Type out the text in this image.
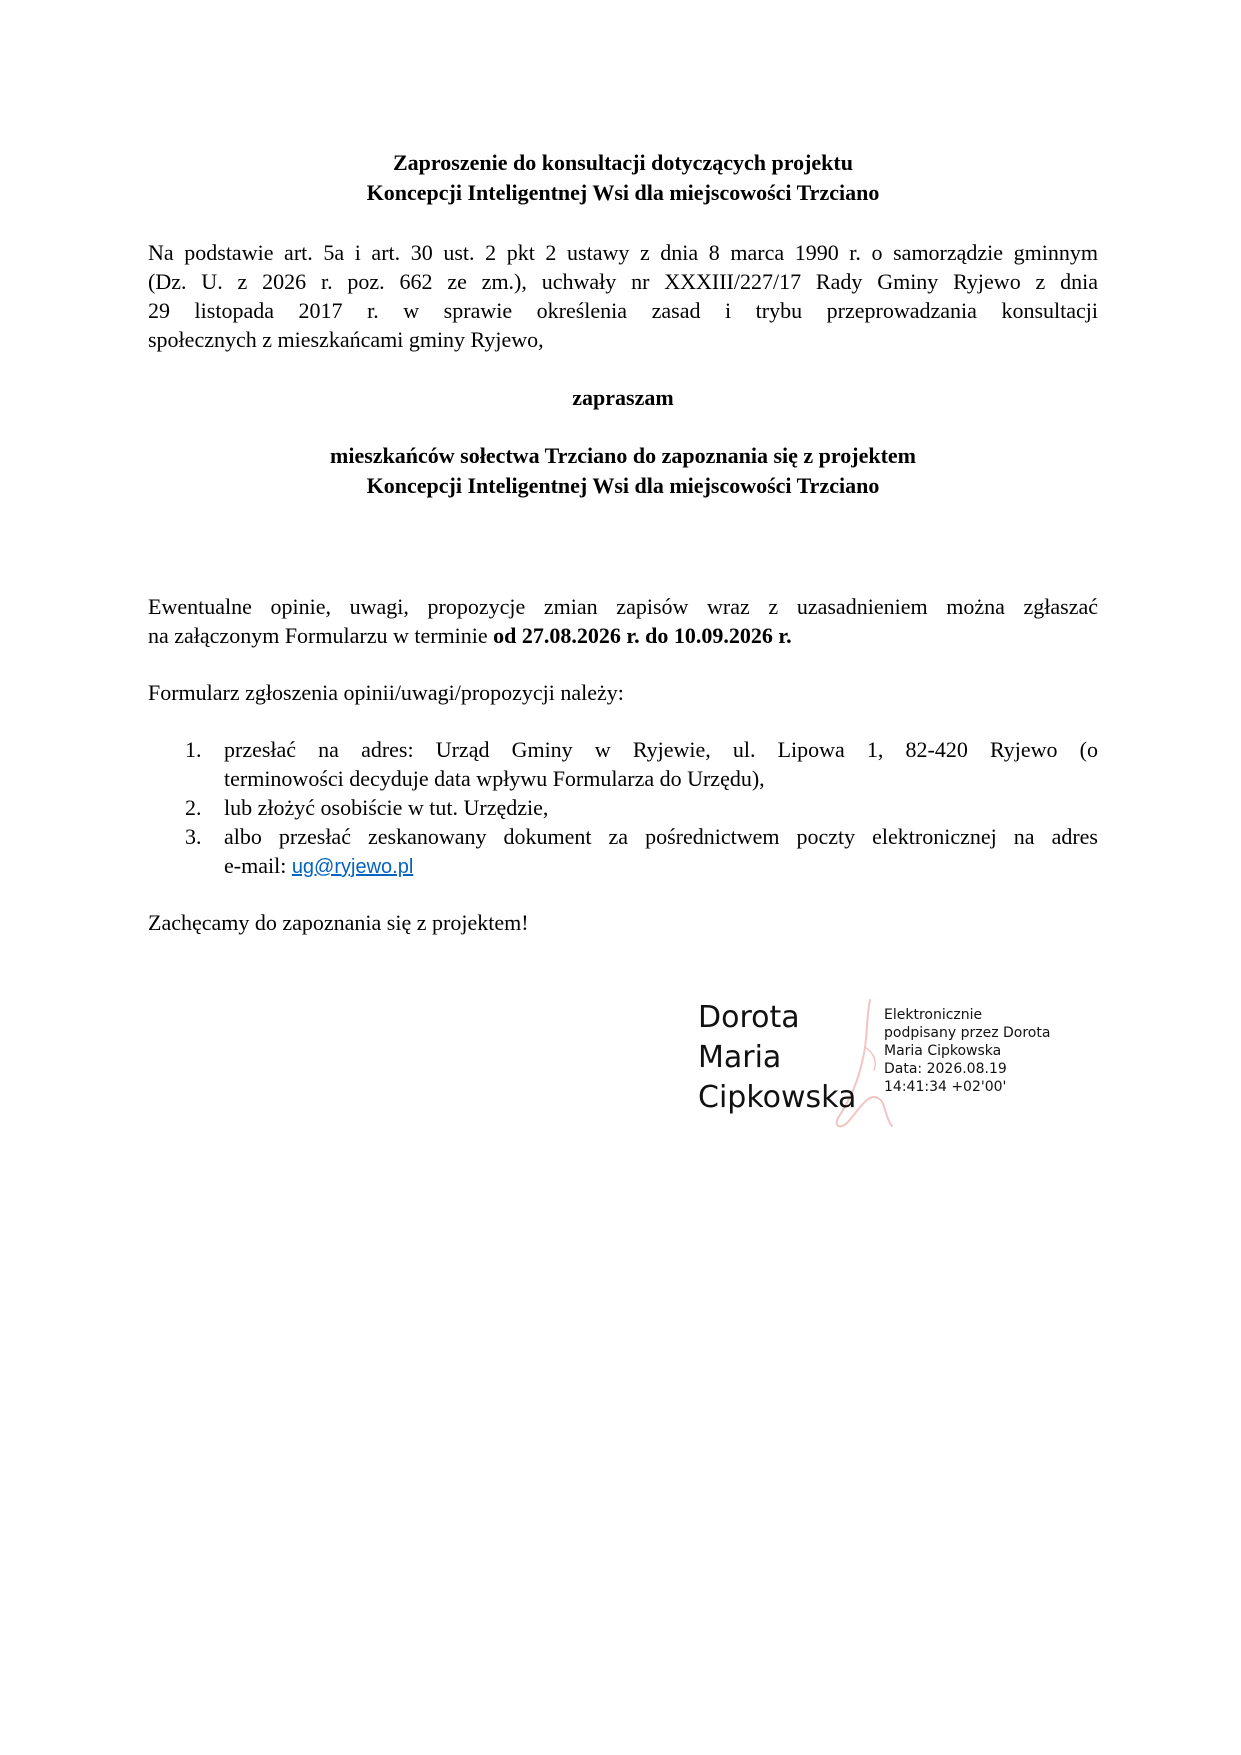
Zaproszenie do konsultacji dotyczących projektu
Koncepcji Inteligentnej Wsi dla miejscowości Trzciano
Na podstawie art. 5a i art. 30 ust. 2 pkt 2 ustawy z dnia 8 marca 1990 r. o samorządzie gminnym
(Dz. U. z 2026 r. poz. 662 ze zm.), uchwały nr XXXIII/227/17 Rady Gminy Ryjewo z dnia
29 listopada 2017 r. w sprawie określenia zasad i trybu przeprowadzania konsultacji
społecznych z mieszkańcami gminy Ryjewo,
zapraszam
mieszkańców sołectwa Trzciano do zapoznania się z projektem
Koncepcji Inteligentnej Wsi dla miejscowości Trzciano
Ewentualne opinie, uwagi, propozycje zmian zapisów wraz z uzasadnieniem można zgłaszać
na załączonym Formularzu w terminie od 27.08.2026 r. do 10.09.2026 r.
Formularz zgłoszenia opinii/uwagi/propozycji należy:
1. przesłać na adres: Urząd Gminy w Ryjewie, ul. Lipowa 1, 82-420 Ryjewo (o
terminowości decyduje data wpływu Formularza do Urzędu),
2. lub złożyć osobiście w tut. Urzędzie,
3. albo przesłać zeskanowany dokument za pośrednictwem poczty elektronicznej na adres
e-mail: ug@ryjewo.pl
Zachęcamy do zapoznania się z projektem!
Dorota
Maria
Cipkowska
Elektronicznie
podpisany przez Dorota
Maria Cipkowska
Data: 2026.08.19
14:41:34 +02'00'
